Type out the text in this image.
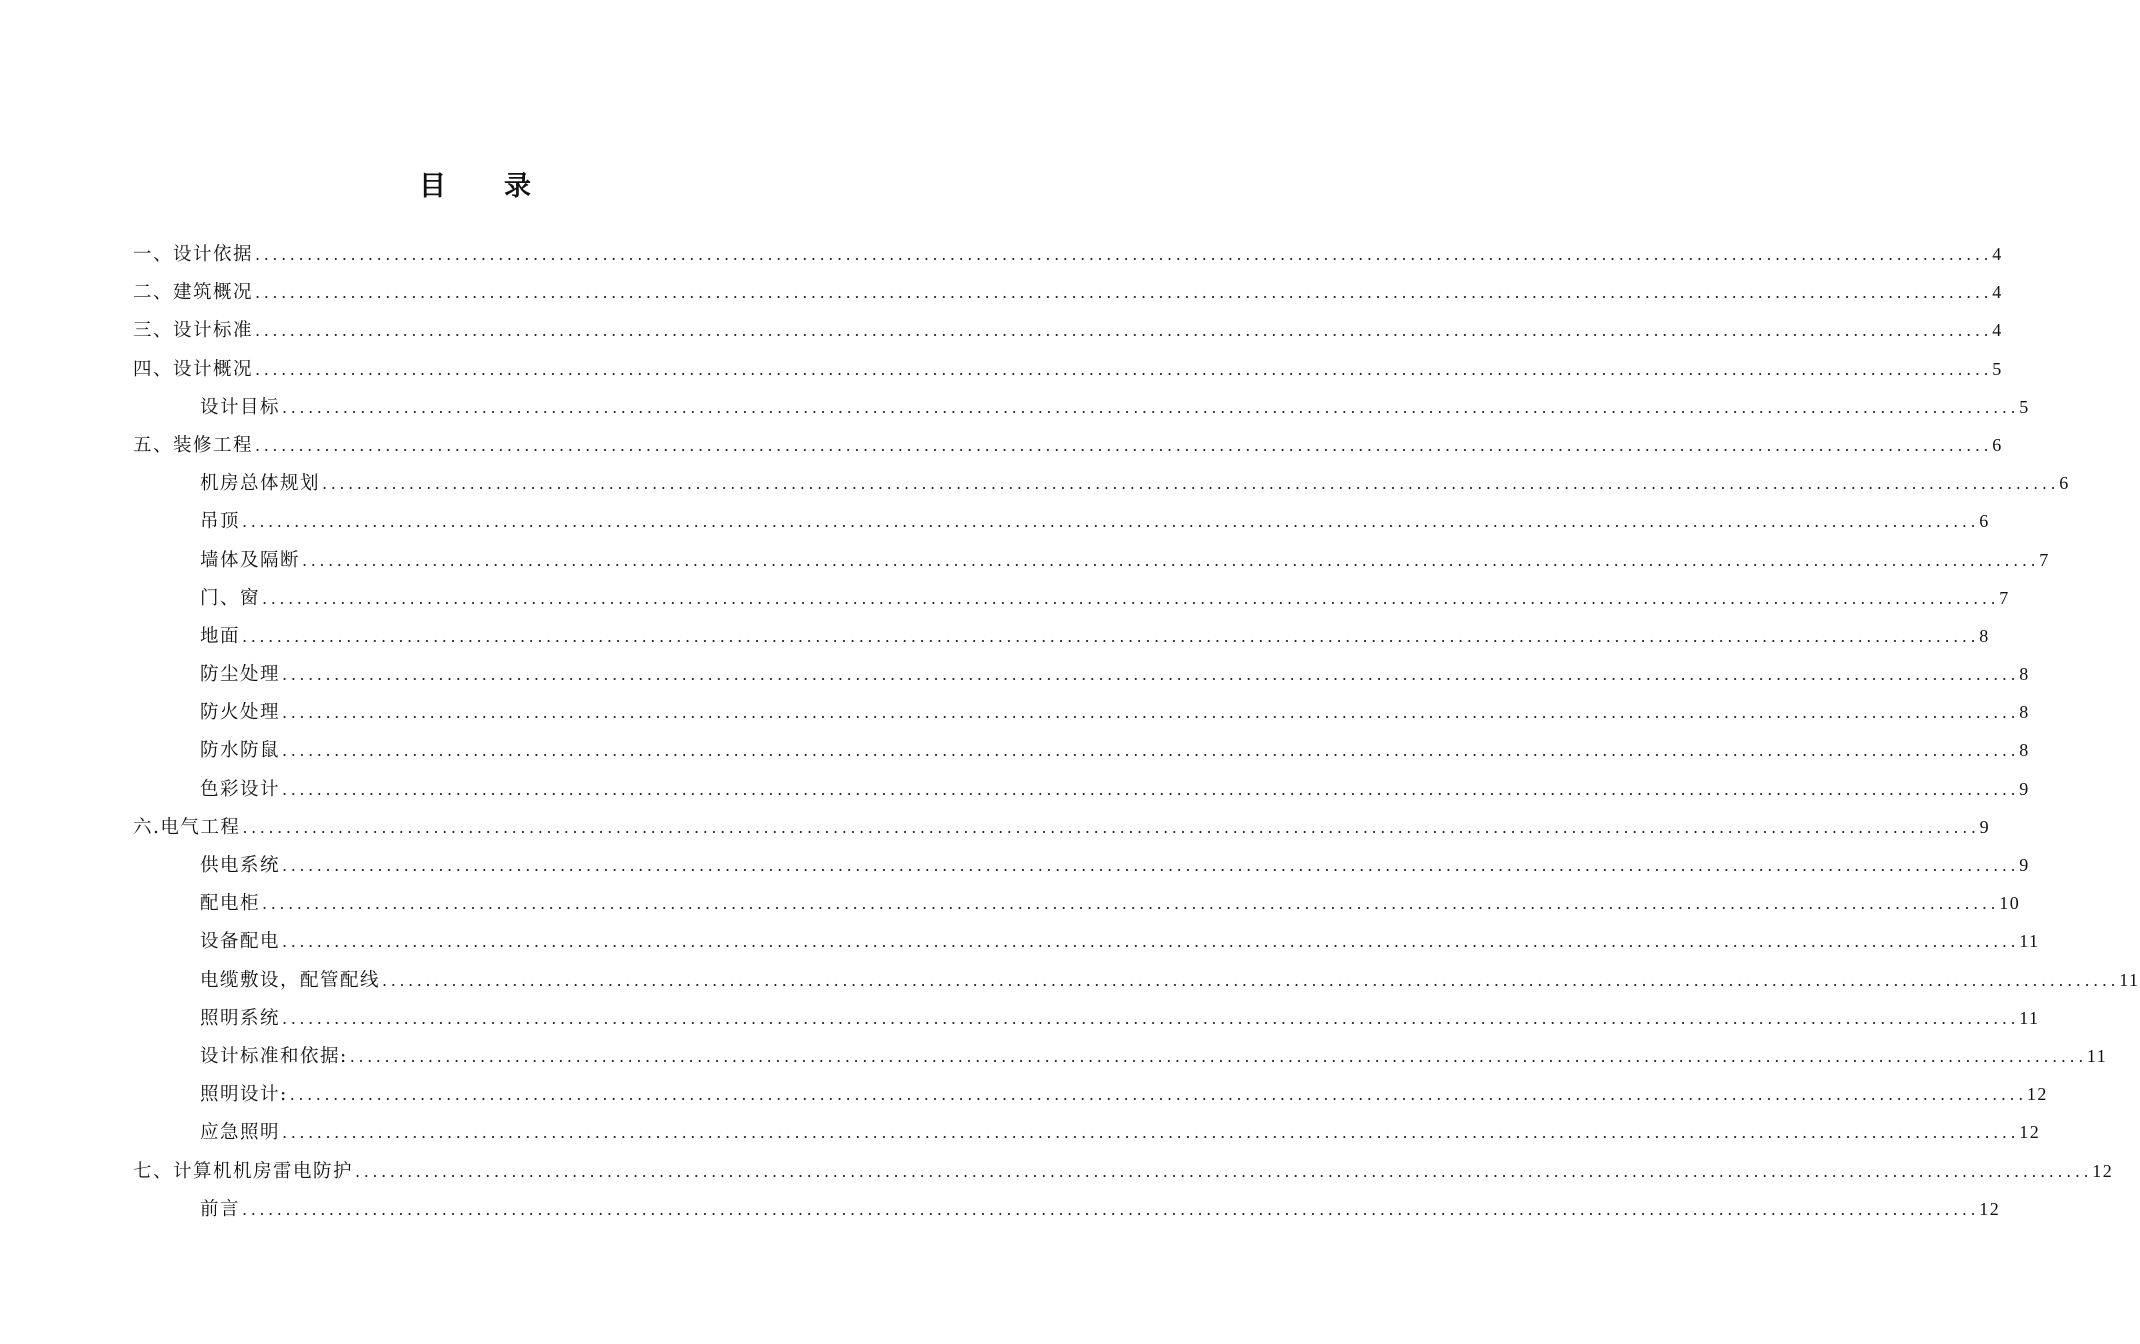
目 录
一、设计依据 ........................................................................................................................................................................................................ 4
二、建筑概况 ........................................................................................................................................................................................................ 4
三、设计标准 ........................................................................................................................................................................................................ 4
四、设计概况 ........................................................................................................................................................................................................ 5
设计目标 ........................................................................................................................................................................................................ 5
五、装修工程 ........................................................................................................................................................................................................ 6
机房总体规划 ........................................................................................................................................................................................................ 6
吊顶 ........................................................................................................................................................................................................ 6
墙体及隔断 ........................................................................................................................................................................................................ 7
门、窗 ........................................................................................................................................................................................................ 7
地面 ........................................................................................................................................................................................................ 8
防尘处理 ........................................................................................................................................................................................................ 8
防火处理 ........................................................................................................................................................................................................ 8
防水防鼠 ........................................................................................................................................................................................................ 8
色彩设计 ........................................................................................................................................................................................................ 9
六.电气工程 ........................................................................................................................................................................................................ 9
供电系统 ........................................................................................................................................................................................................ 9
配电柜 ........................................................................................................................................................................................................ 10
设备配电 ........................................................................................................................................................................................................ 11
电缆敷设，配管配线 ........................................................................................................................................................................................................ 11
照明系统 ........................................................................................................................................................................................................ 11
设计标准和依据: ........................................................................................................................................................................................................ 11
照明设计: ........................................................................................................................................................................................................ 12
应急照明 ........................................................................................................................................................................................................ 12
七、计算机机房雷电防护 ........................................................................................................................................................................................................ 12
前言 ........................................................................................................................................................................................................ 12
